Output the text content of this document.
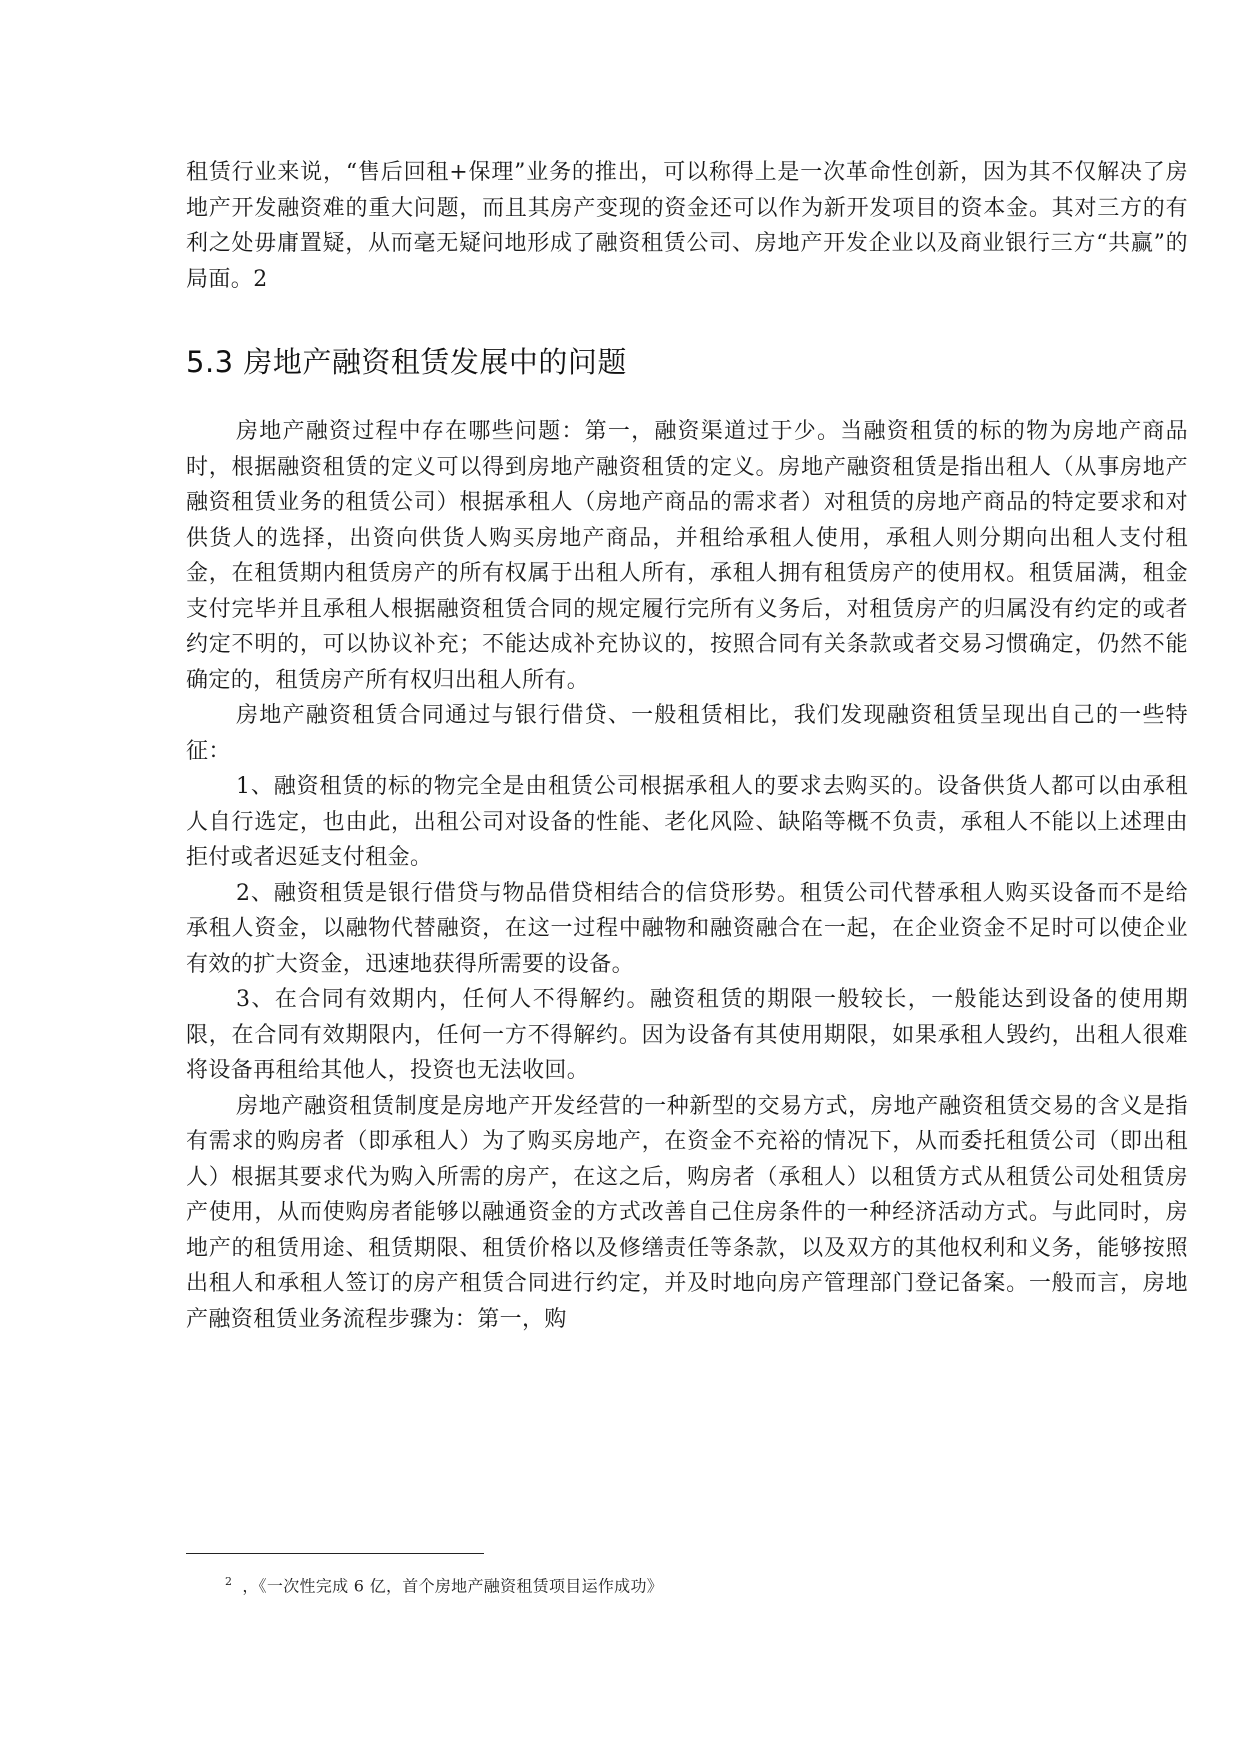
租赁行业来说，“售后回租+保理”业务的推出，可以称得上是一次革命性创新，因为其不仅解决了房地产开发融资难的重大问题，而且其房产变现的资金还可以作为新开发项目的资本金。其对三方的有利之处毋庸置疑，从而毫无疑问地形成了融资租赁公司、房地产开发企业以及商业银行三方“共赢”的局面。2

5.3 房地产融资租赁发展中的问题

房地产融资过程中存在哪些问题：第一，融资渠道过于少。当融资租赁的标的物为房地产商品时，根据融资租赁的定义可以得到房地产融资租赁的定义。房地产融资租赁是指出租人（从事房地产融资租赁业务的租赁公司）根据承租人（房地产商品的需求者）对租赁的房地产商品的特定要求和对供货人的选择，出资向供货人购买房地产商品，并租给承租人使用，承租人则分期向出租人支付租金，在租赁期内租赁房产的所有权属于出租人所有，承租人拥有租赁房产的使用权。租赁届满，租金支付完毕并且承租人根据融资租赁合同的规定履行完所有义务后，对租赁房产的归属没有约定的或者约定不明的，可以协议补充；不能达成补充协议的，按照合同有关条款或者交易习惯确定，仍然不能确定的，租赁房产所有权归出租人所有。

房地产融资租赁合同通过与银行借贷、一般租赁相比，我们发现融资租赁呈现出自己的一些特征：

1、融资租赁的标的物完全是由租赁公司根据承租人的要求去购买的。设备供货人都可以由承租人自行选定，也由此，出租公司对设备的性能、老化风险、缺陷等概不负责，承租人不能以上述理由拒付或者迟延支付租金。

2、融资租赁是银行借贷与物品借贷相结合的信贷形势。租赁公司代替承租人购买设备而不是给承租人资金，以融物代替融资，在这一过程中融物和融资融合在一起，在企业资金不足时可以使企业有效的扩大资金，迅速地获得所需要的设备。

3、在合同有效期内，任何人不得解约。融资租赁的期限一般较长，一般能达到设备的使用期限，在合同有效期限内，任何一方不得解约。因为设备有其使用期限，如果承租人毁约，出租人很难将设备再租给其他人，投资也无法收回。

房地产融资租赁制度是房地产开发经营的一种新型的交易方式，房地产融资租赁交易的含义是指有需求的购房者（即承租人）为了购买房地产，在资金不充裕的情况下，从而委托租赁公司（即出租人）根据其要求代为购入所需的房产，在这之后，购房者（承租人）以租赁方式从租赁公司处租赁房产使用，从而使购房者能够以融通资金的方式改善自己住房条件的一种经济活动方式。与此同时，房地产的租赁用途、租赁期限、租赁价格以及修缮责任等条款，以及双方的其他权利和义务，能够按照出租人和承租人签订的房产租赁合同进行约定，并及时地向房产管理部门登记备案。一般而言，房地产融资租赁业务流程步骤为：第一，购

$^2$ ，《一次性完成 6 亿，首个房地产融资租赁项目运作成功》
